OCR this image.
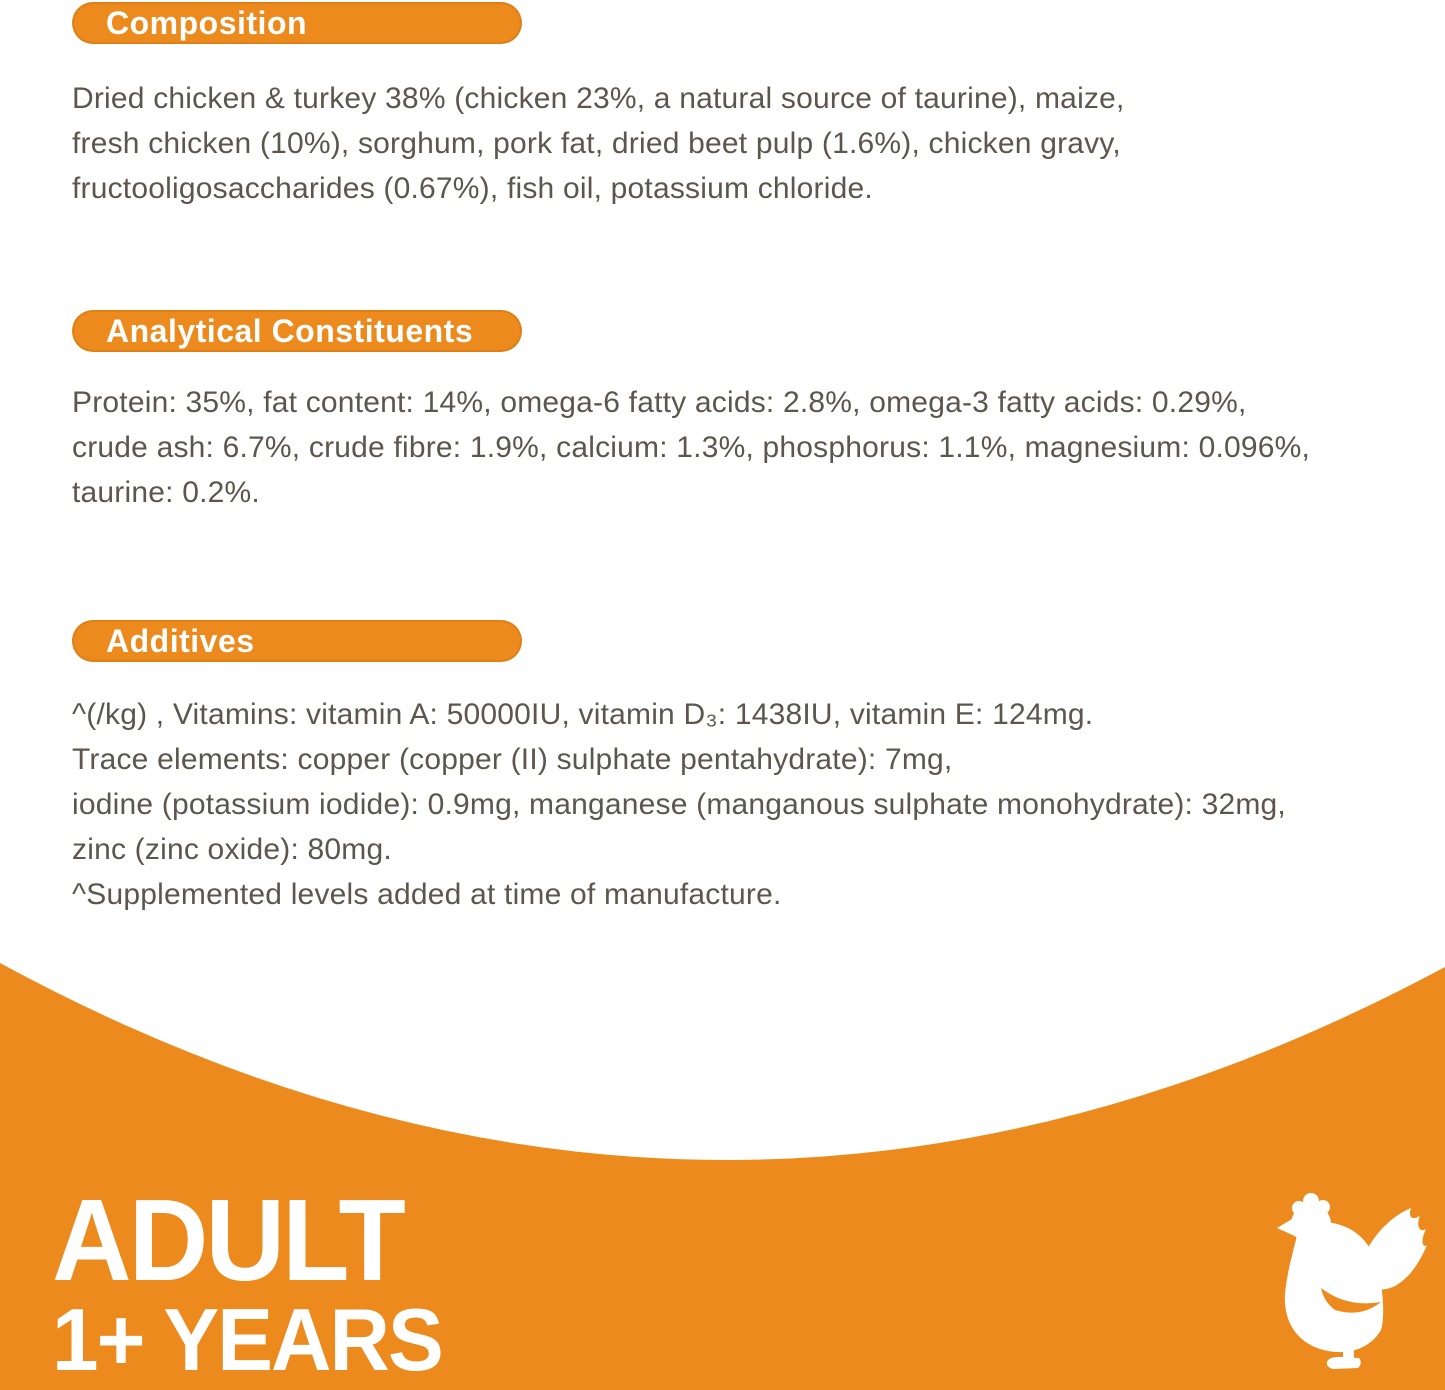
Composition
Dried chicken & turkey 38% (chicken 23%, a natural source of taurine), maize,
fresh chicken (10%), sorghum, pork fat, dried beet pulp (1.6%), chicken gravy,
fructooligosaccharides (0.67%), fish oil, potassium chloride.
Analytical Constituents
Protein: 35%, fat content: 14%, omega-6 fatty acids: 2.8%, omega-3 fatty acids: 0.29%,
crude ash: 6.7%, crude fibre: 1.9%, calcium: 1.3%, phosphorus: 1.1%, magnesium: 0.096%,
taurine: 0.2%.
Additives
^(/kg) , Vitamins: vitamin A: 50000IU, vitamin D₃: 1438IU, vitamin E: 124mg.
Trace elements: copper (copper (II) sulphate pentahydrate): 7mg,
iodine (potassium iodide): 0.9mg, manganese (manganous sulphate monohydrate): 32mg,
zinc (zinc oxide): 80mg.
^Supplemented levels added at time of manufacture.
ADULT
1+ YEARS
